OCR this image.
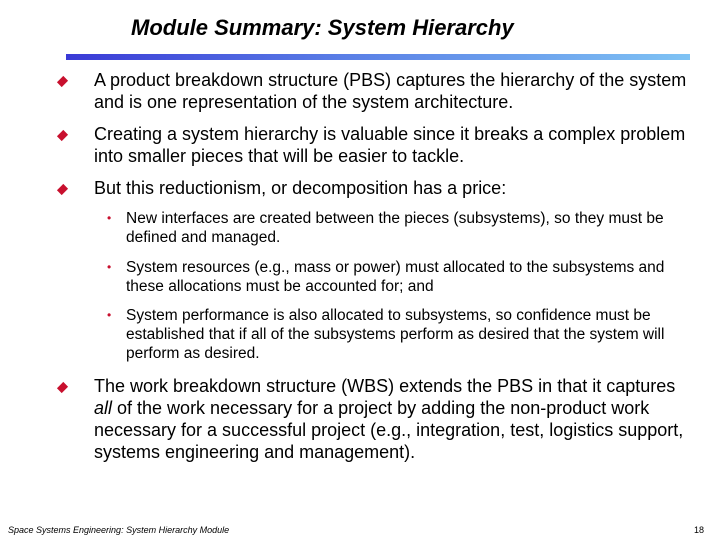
Module Summary: System Hierarchy
A product breakdown structure (PBS) captures the hierarchy of the system and is one representation of the system architecture.
Creating a system hierarchy is valuable since it breaks a complex problem into smaller pieces that will be easier to tackle.
But this reductionism, or decomposition has a price:
• New interfaces are created between the pieces (subsystems), so they must be defined and managed.
• System resources (e.g., mass or power) must allocated to the subsystems and these allocations must be accounted for; and
• System performance is also allocated to subsystems, so confidence must be established that if all of the subsystems perform as desired that the system will perform as desired.
The work breakdown structure (WBS) extends the PBS in that it captures all of the work necessary for a project by adding the non-product work necessary for a successful project (e.g., integration, test, logistics support, systems engineering and management).
Space Systems Engineering: System Hierarchy Module	18
